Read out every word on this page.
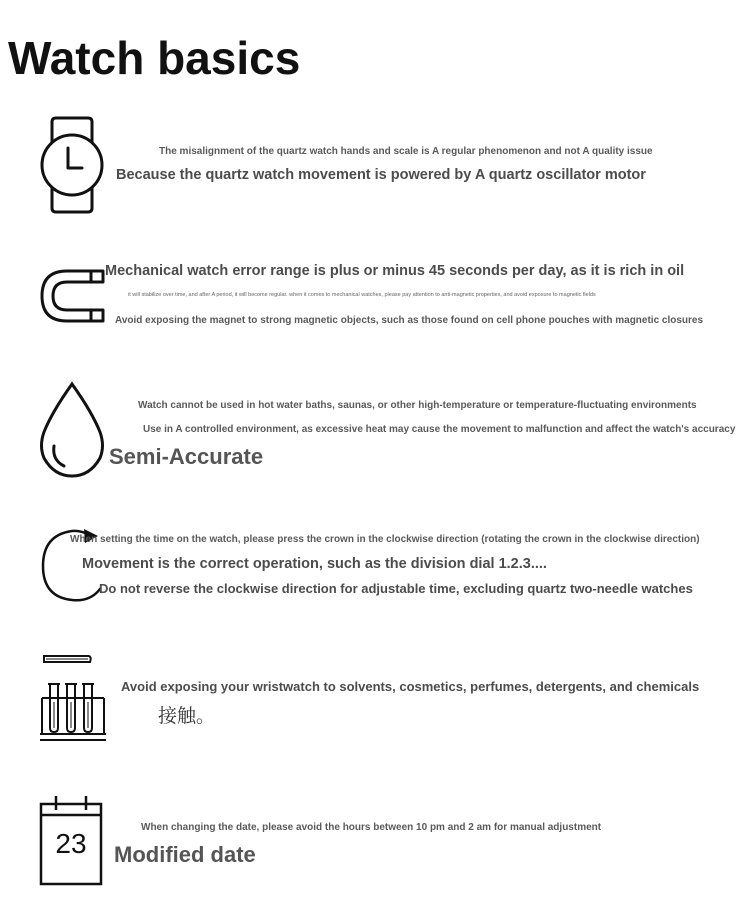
Watch basics
The misalignment of the quartz watch hands and scale is A regular phenomenon and not A quality issue
Because the quartz watch movement is powered by A quartz oscillator motor
Mechanical watch error range is plus or minus 45 seconds per day, as it is rich in oil
it will stabilize over time, and after A period, it will become regular. when it comes to mechanical watches, please pay attention to anti-magnetic properties, and avoid exposure to magnetic fields
Avoid exposing the magnet to strong magnetic objects, such as those found on cell phone pouches with magnetic closures
Watch cannot be used in hot water baths, saunas, or other high-temperature or temperature-fluctuating environments
Use in A controlled environment, as excessive heat may cause the movement to malfunction and affect the watch's accuracy
Semi-Accurate
When setting the time on the watch, please press the crown in the clockwise direction (rotating the crown in the clockwise direction)
Movement is the correct operation, such as the division dial 1.2.3....
Do not reverse the clockwise direction for adjustable time, excluding quartz two-needle watches
Avoid exposing your wristwatch to solvents, cosmetics, perfumes, detergents, and chemicals
接触。
23
When changing the date, please avoid the hours between 10 pm and 2 am for manual adjustment
Modified date
